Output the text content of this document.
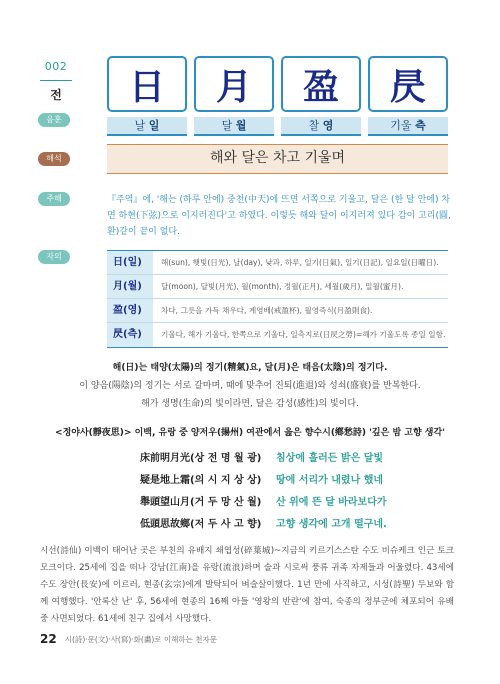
002
전
음훈
해석
주해
자의
日
날 일
月
달 월
盈
찰 영
昃
기울 측
해와 달은 차고 기울며
『주역』에, '해는 (하루 안에) 중천(中天)에 뜨면 서쪽으로 기울고, 달은 (한 달 안에) 차면 하현(下弦)으로 이지러진다'고 하였다. 이렇듯 해와 달이 이지러져 있다 감이 고리(圓, 환)같이 끝이 없다.
日(일)	해(sun), 햇빛(日光), 날(day), 낮과, 하루, 일기(日氣), 일기(日記), 일요일(日曜日).
月(월)	달(moon), 달빛(月光), 월(month), 정월(正月), 세월(歲月), 밀월(蜜月).
盈(영)	차다, 그릇을 가득 채우다, 계영배(戒盈杯), 월영즉식(月盈則食).
昃(측)	기울다, 해가 기울다, 한쪽으로 기울다, 일측지로(日昃之勞)=해가 기울도록 종일 일함.
해(日)는 태양(太陽)의 정기(精氣)요, 달(月)은 태음(太陰)의 정기다.
이 양음(陽陰)의 정기는 서로 갈마며, 때에 맞추어 진퇴(進退)와 성쇠(盛衰)를 반복한다.
해가 생명(生命)의 빛이라면, 달은 감성(感性)의 빛이다.
<정야사(靜夜思)> 이백, 유랑 중 양저우(揚州) 여관에서 읊은 향수시(鄕愁詩) '깊은 밤 고향 생각'
床前明月光(상 전 명 월 광)	침상에 흘러든 밝은 달빛
疑是地上霜(의 시 지 상 상)	땅에 서리가 내렸나 했네
舉頭望山月(거 두 망 산 월)	산 위에 뜬 달 바라보다가
低頭思故鄉(저 두 사 고 향)	고향 생각에 고개 떨구네.
시선(詩仙) 이백이 태어난 곳은 부친의 유배지 쇄엽성(碎葉城)~지금의 키르기스스탄 수도 비슈케크 인근 토크모크이다. 25세에 집을 떠나 강남(江南)을 유랑(流浪)하며 술과 시로써 풍류 귀족 자제들과 어울렸다. 43세에 수도 장안(長安)에 이르러, 현종(玄宗)에게 발탁되어 벼슬살이했다. 1년 만에 사직하고, 시성(詩聖) 두보와 함께 여행했다. '안록산 난' 후, 56세에 현종의 16째 아들 '영왕의 반란'에 참여, 숙종의 정부군에 체포되어 유배 중 사면되었다. 61세에 친구 집에서 사망했다.
22 시(詩)·문(文)·사(寫)·화(畵)로 이해하는 천자문
